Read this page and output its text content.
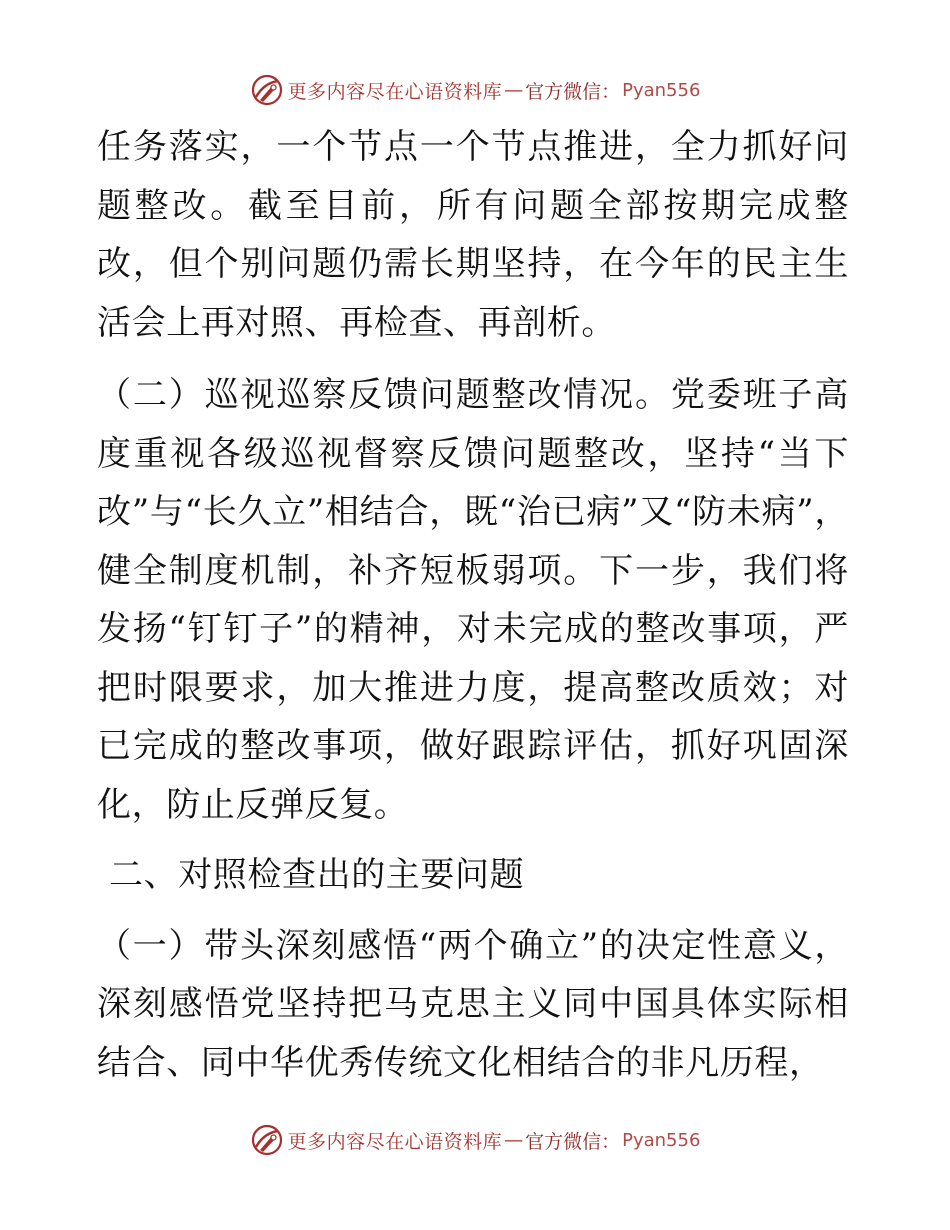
更多内容尽在心语资料库 — 官方微信： Pyan556

任务落实，一个节点一个节点推进，全力抓好问题整改。截至目前，所有问题全部按期完成整改，但个别问题仍需长期坚持，在今年的民主生活会上再对照、再检查、再剖析。

（二）巡视巡察反馈问题整改情况。党委班子高度重视各级巡视督察反馈问题整改，坚持“当下改”与“长久立”相结合，既“治已病”又“防未病”，健全制度机制，补齐短板弱项。下一步，我们将发扬“钉钉子”的精神，对未完成的整改事项，严把时限要求，加大推进力度，提高整改质效；对已完成的整改事项，做好跟踪评估，抓好巩固深化，防止反弹反复。

二、对照检查出的主要问题

（一）带头深刻感悟“两个确立”的决定性意义，深刻感悟党坚持把马克思主义同中国具体实际相结合、同中华优秀传统文化相结合的非凡历程，

更多内容尽在心语资料库 — 官方微信： Pyan556
